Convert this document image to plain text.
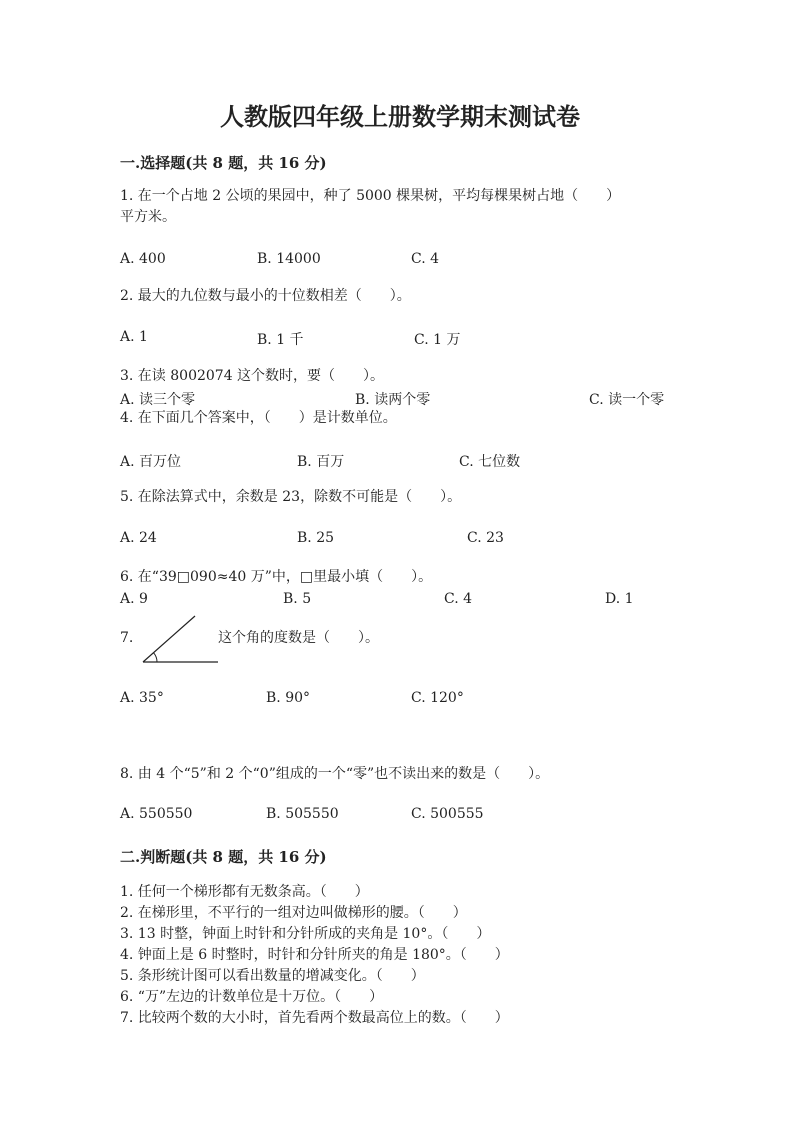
人教版四年级上册数学期末测试卷
一.选择题(共 8 题，共 16 分)
1. 在一个占地 2 公顷的果园中，种了 5000 棵果树，平均每棵果树占地（　　）
平方米。
A. 400	B. 14000	C. 4
2. 最大的九位数与最小的十位数相差（　　）。
A. 1	B. 1 千	C. 1 万
3. 在读 8002074 这个数时，要（　　）。
A. 读三个零	B. 读两个零	C. 读一个零
4. 在下面几个答案中，（　　）是计数单位。
A. 百万位	B. 百万	C. 七位数
5. 在除法算式中，余数是 23，除数不可能是（　　）。
A. 24	B. 25	C. 23
6. 在“39□090≈40 万”中，□里最小填（　　）。
A. 9	B. 5	C. 4	D. 1
7.	这个角的度数是（　　）。
A. 35°	B. 90°	C. 120°
8. 由 4 个“5”和 2 个“0”组成的一个“零”也不读出来的数是（　　）。
A. 550550	B. 505550	C. 500555
二.判断题(共 8 题，共 16 分)
1. 任何一个梯形都有无数条高。（　　）
2. 在梯形里，不平行的一组对边叫做梯形的腰。（　　）
3. 13 时整，钟面上时针和分针所成的夹角是 10°。（　　）
4. 钟面上是 6 时整时，时针和分针所夹的角是 180°。（　　）
5. 条形统计图可以看出数量的增减变化。（　　）
6. “万”左边的计数单位是十万位。（　　）
7. 比较两个数的大小时，首先看两个数最高位上的数。（　　）
